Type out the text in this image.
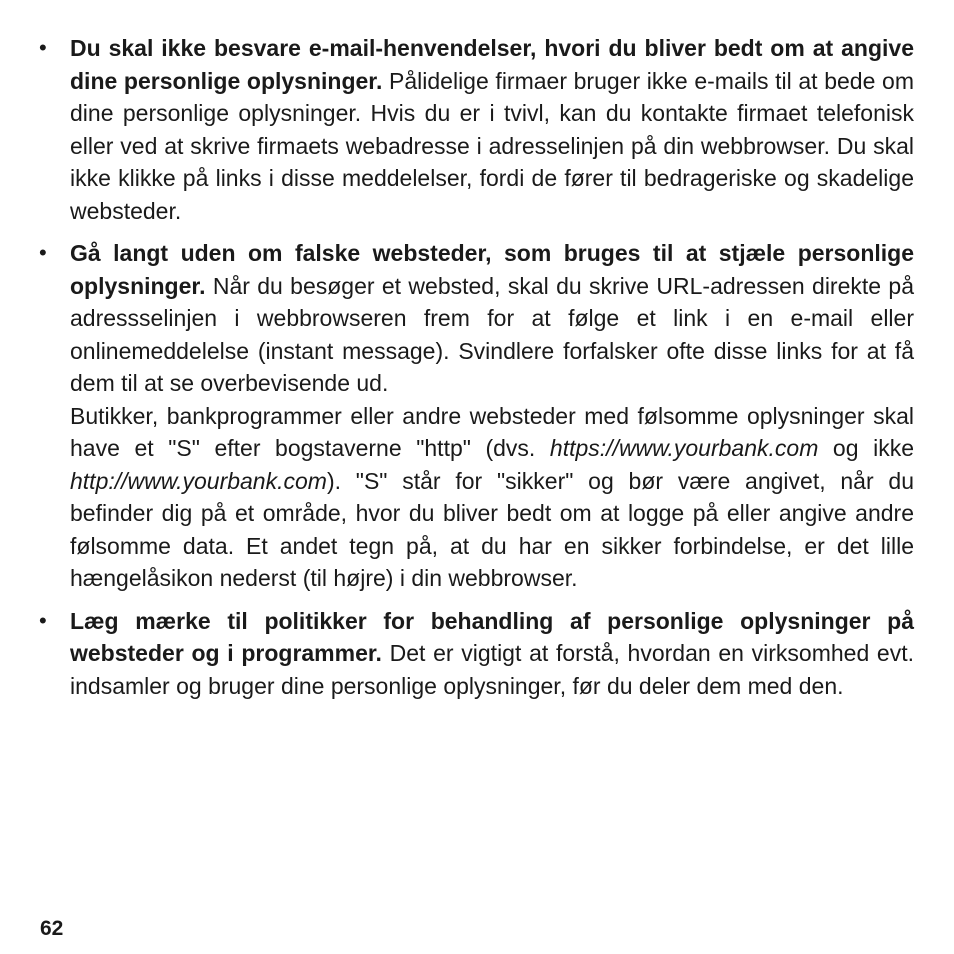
• Du skal ikke besvare e-mail-henvendelser, hvori du bliver bedt om at angive dine personlige oplysninger. Pålidelige firmaer bruger ikke e-mails til at bede om dine personlige oplysninger. Hvis du er i tvivl, kan du kontakte firmaet telefonisk eller ved at skrive firmaets webadresse i adresselinjen på din webbrowser. Du skal ikke klikke på links i disse meddelelser, fordi de fører til bedrageriske og skadelige websteder.

• Gå langt uden om falske websteder, som bruges til at stjæle personlige oplysninger. Når du besøger et websted, skal du skrive URL-adressen direkte på adressselinjen i webbrowseren frem for at følge et link i en e-mail eller onlinemeddelelse (instant message). Svindlere forfalsker ofte disse links for at få dem til at se overbevisende ud.

Butikker, bankprogrammer eller andre websteder med følsomme oplysninger skal have et "S" efter bogstaverne "http" (dvs. https://www.yourbank.com og ikke http://www.yourbank.com). "S" står for "sikker" og bør være angivet, når du befinder dig på et område, hvor du bliver bedt om at logge på eller angive andre følsomme data. Et andet tegn på, at du har en sikker forbindelse, er det lille hængelåsikon nederst (til højre) i din webbrowser.

• Læg mærke til politikker for behandling af personlige oplysninger på websteder og i programmer. Det er vigtigt at forstå, hvordan en virksomhed evt. indsamler og bruger dine personlige oplysninger, før du deler dem med den.

62
